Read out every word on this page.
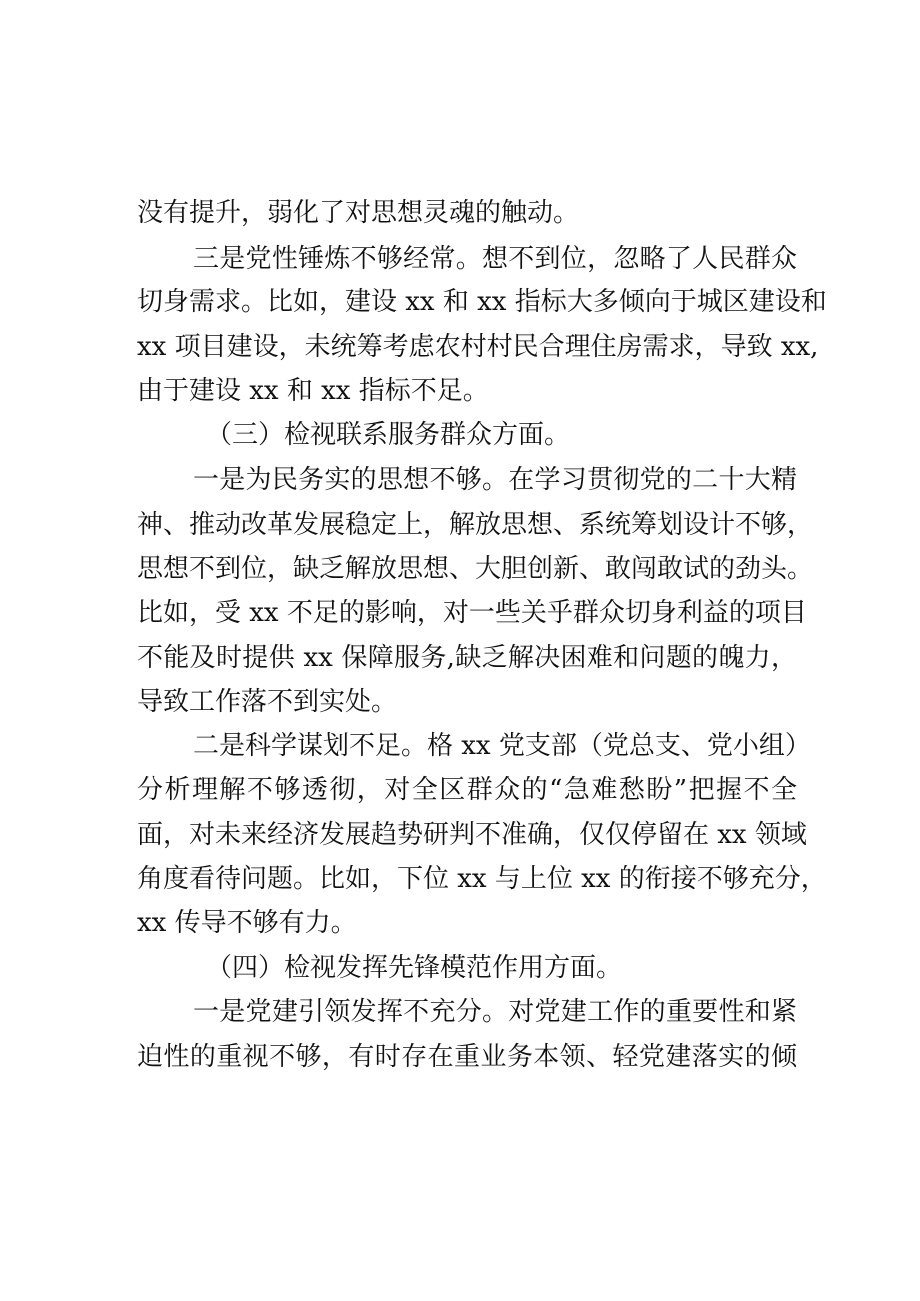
没有提升，弱化了对思想灵魂的触动。
三是党性锤炼不够经常。想不到位，忽略了人民群众
切身需求。比如，建设 xx 和 xx 指标大多倾向于城区建设和
xx 项目建设，未统筹考虑农村村民合理住房需求，导致 xx,
由于建设 xx 和 xx 指标不足。
（三）检视联系服务群众方面。
一是为民务实的思想不够。在学习贯彻党的二十大精
神、推动改革发展稳定上，解放思想、系统筹划设计不够，
思想不到位，缺乏解放思想、大胆创新、敢闯敢试的劲头。
比如，受 xx 不足的影响，对一些关乎群众切身利益的项目
不能及时提供 xx 保障服务,缺乏解决困难和问题的魄力，
导致工作落不到实处。
二是科学谋划不足。格 xx 党支部（党总支、党小组）
分析理解不够透彻，对全区群众的“急难愁盼”把握不全
面，对未来经济发展趋势研判不准确，仅仅停留在 xx 领域
角度看待问题。比如，下位 xx 与上位 xx 的衔接不够充分，
xx 传导不够有力。
（四）检视发挥先锋模范作用方面。
一是党建引领发挥不充分。对党建工作的重要性和紧
迫性的重视不够，有时存在重业务本领、轻党建落实的倾
